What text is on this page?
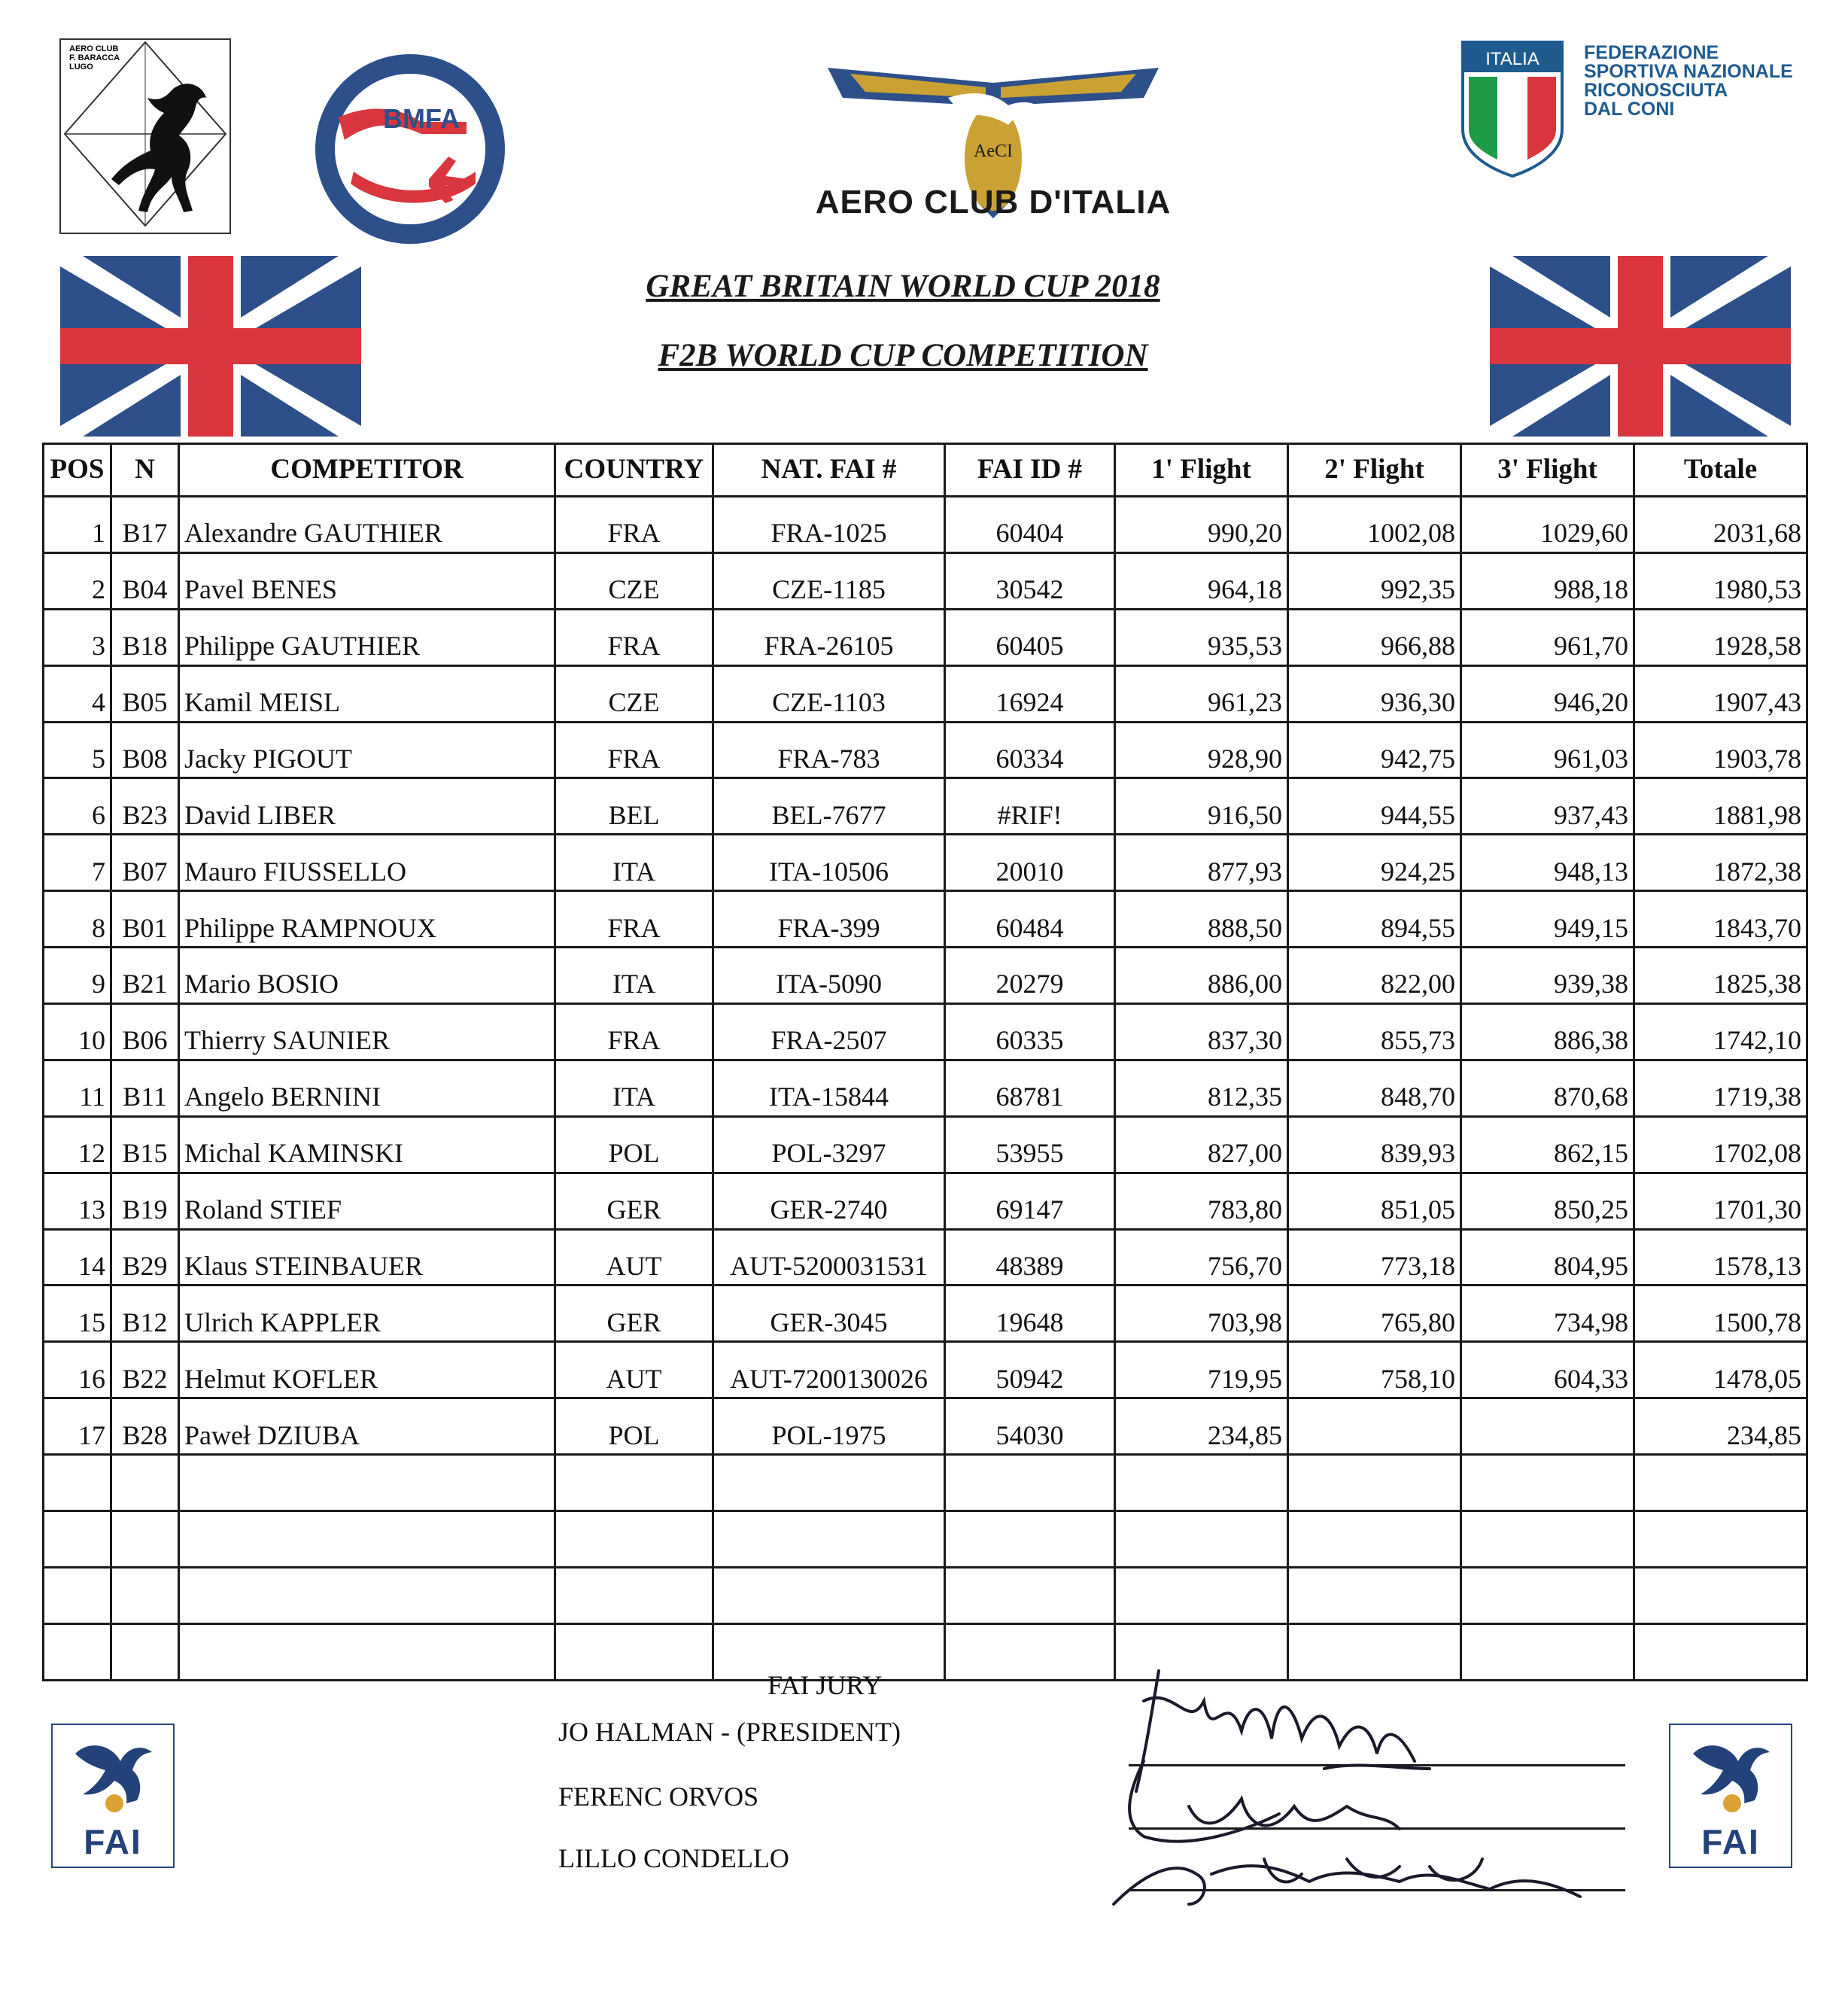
AERO CLUB
F. BARACCA
LUGO
BMFA
AeCI
AERO CLUB D'ITALIA
ITALIA FEDERAZIONE
SPORTIVA NAZIONALE
RICONOSCIUTA
DAL CONI
GREAT BRITAIN WORLD CUP 2018
F2B WORLD CUP COMPETITION
POS	N	COMPETITOR	COUNTRY	NAT. FAI #	FAI ID #	1' Flight	2' Flight	3' Flight	Totale
1	B17	Alexandre GAUTHIER	FRA	FRA-1025	60404	990,20	1002,08	1029,60	2031,68
2	B04	Pavel BENES	CZE	CZE-1185	30542	964,18	992,35	988,18	1980,53
3	B18	Philippe GAUTHIER	FRA	FRA-26105	60405	935,53	966,88	961,70	1928,58
4	B05	Kamil MEISL	CZE	CZE-1103	16924	961,23	936,30	946,20	1907,43
5	B08	Jacky PIGOUT	FRA	FRA-783	60334	928,90	942,75	961,03	1903,78
6	B23	David LIBER	BEL	BEL-7677	#RIF!	916,50	944,55	937,43	1881,98
7	B07	Mauro FIUSSELLO	ITA	ITA-10506	20010	877,93	924,25	948,13	1872,38
8	B01	Philippe RAMPNOUX	FRA	FRA-399	60484	888,50	894,55	949,15	1843,70
9	B21	Mario BOSIO	ITA	ITA-5090	20279	886,00	822,00	939,38	1825,38
10	B06	Thierry SAUNIER	FRA	FRA-2507	60335	837,30	855,73	886,38	1742,10
11	B11	Angelo BERNINI	ITA	ITA-15844	68781	812,35	848,70	870,68	1719,38
12	B15	Michal KAMINSKI	POL	POL-3297	53955	827,00	839,93	862,15	1702,08
13	B19	Roland STIEF	GER	GER-2740	69147	783,80	851,05	850,25	1701,30
14	B29	Klaus STEINBAUER	AUT	AUT-5200031531	48389	756,70	773,18	804,95	1578,13
15	B12	Ulrich KAPPLER	GER	GER-3045	19648	703,98	765,80	734,98	1500,78
16	B22	Helmut KOFLER	AUT	AUT-7200130026	50942	719,95	758,10	604,33	1478,05
17	B28	Paweł DZIUBA	POL	POL-1975	54030	234,85			234,85

FAI JURY
JO HALMAN - (PRESIDENT)
FERENC ORVOS
LILLO CONDELLO
FAI	FAI
